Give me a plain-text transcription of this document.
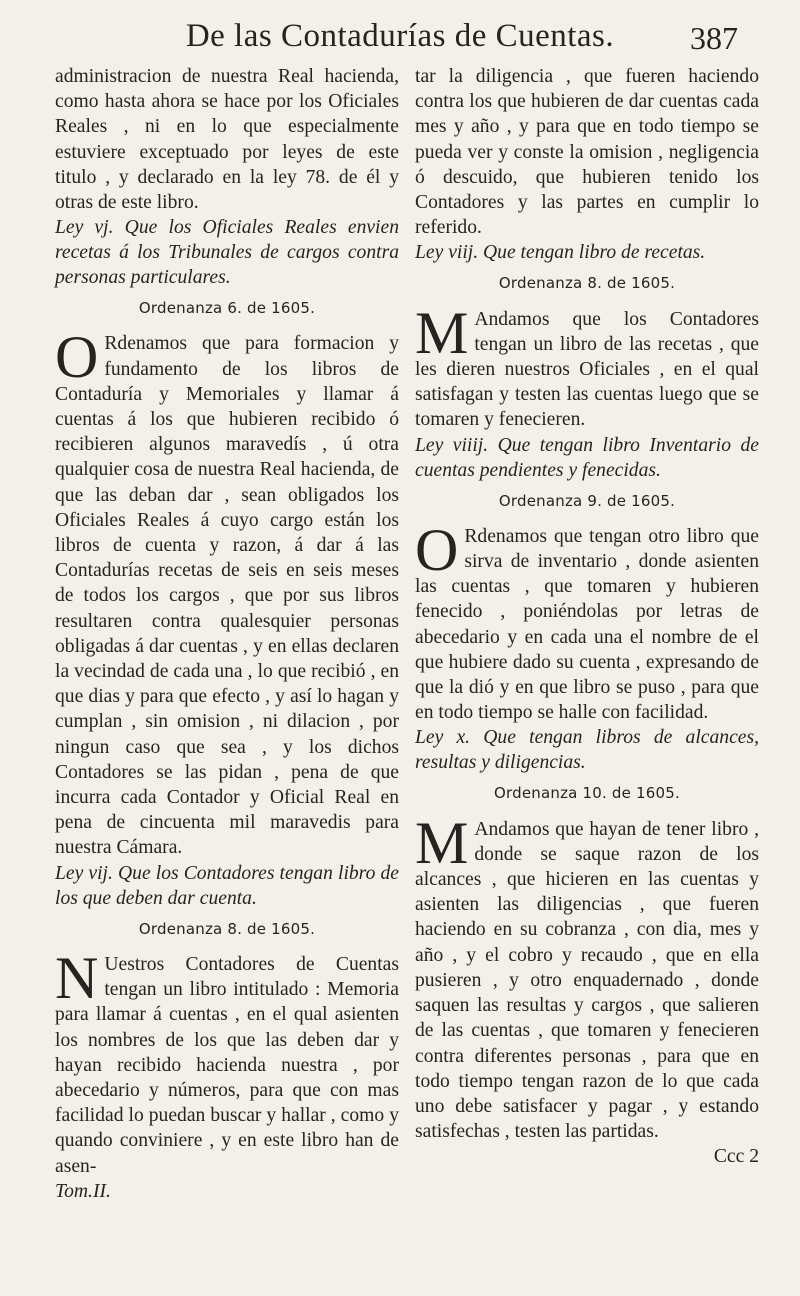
De las Contadurías de Cuentas.	387

administracion de nuestra Real hacienda, como hasta ahora se hace por los Oficiales Reales , ni en lo que especialmente estuviere exceptuado por leyes de este titulo , y declarado en la ley 78. de él y otras de este libro.

Ley vj. Que los Oficiales Reales envien recetas á los Tribunales de cargos contra personas particulares.

Ordenanza 6. de 1605.

O Rdenamos que para formacion y fundamento de los libros de Contaduría y Memoriales y llamar á cuentas á los que hubieren recibido ó recibieren algunos maravedís , ú otra qualquier cosa de nuestra Real hacienda, de que las deban dar , sean obligados los Oficiales Reales á cuyo cargo están los libros de cuenta y razon, á dar á las Contadurías recetas de seis en seis meses de todos los cargos , que por sus libros resultaren contra qualesquier personas obligadas á dar cuentas , y en ellas declaren la vecindad de cada una , lo que recibió , en que dias y para que efecto , y así lo hagan y cumplan , sin omision , ni dilacion , por ningun caso que sea , y los dichos Contadores se las pidan , pena de que incurra cada Contador y Oficial Real en pena de cincuenta mil maravedis para nuestra Cámara.

Ley vij. Que los Contadores tengan libro de los que deben dar cuenta.

Ordenanza 8. de 1605.

N Uestros Contadores de Cuentas tengan un libro intitulado : Memoria para llamar á cuentas , en el qual asienten los nombres de los que las deben dar y hayan recibido hacienda nuestra , por abecedario y números, para que con mas facilidad lo puedan buscar y hallar , como y quando conviniere , y en este libro han de asen-

Tom.II.

tar la diligencia , que fueren haciendo contra los que hubieren de dar cuentas cada mes y año , y para que en todo tiempo se pueda ver y conste la omision , negligencia ó descuido, que hubieren tenido los Contadores y las partes en cumplir lo referido.

Ley viij. Que tengan libro de recetas.

Ordenanza 8. de 1605.

M Andamos que los Contadores tengan un libro de las recetas , que les dieren nuestros Oficiales , en el qual satisfagan y testen las cuentas luego que se tomaren y fenecieren.

Ley viiij. Que tengan libro Inventario de cuentas pendientes y fenecidas.

Ordenanza 9. de 1605.

O Rdenamos que tengan otro libro que sirva de inventario , donde asienten las cuentas , que tomaren y hubieren fenecido , poniéndolas por letras de abecedario y en cada una el nombre de el que hubiere dado su cuenta , expresando de que la dió y en que libro se puso , para que en todo tiempo se halle con facilidad.

Ley x. Que tengan libros de alcances, resultas y diligencias.

Ordenanza 10. de 1605.

M Andamos que hayan de tener libro , donde se saque razon de los alcances , que hicieren en las cuentas y asienten las diligencias , que fueren haciendo en su cobranza , con dia, mes y año , y el cobro y recaudo , que en ella pusieren , y otro enquadernado , donde saquen las resultas y cargos , que salieren de las cuentas , que tomaren y fenecieren contra diferentes personas , para que en todo tiempo tengan razon de lo que cada uno debe satisfacer y pagar , y estando satisfechas , testen las partidas.

Ccc 2
